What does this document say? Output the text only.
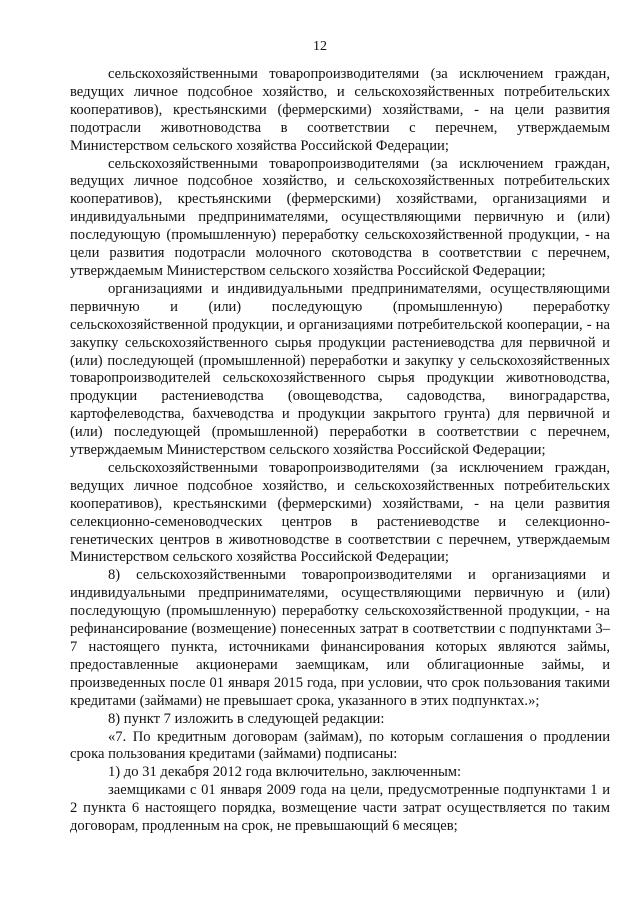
12

сельскохозяйственными товаропроизводителями (за исключением граждан, ведущих личное подсобное хозяйство, и сельскохозяйственных потребительских кооперативов), крестьянскими (фермерскими) хозяйствами, - на цели развития подотрасли животноводства в соответствии с перечнем, утверждаемым Министерством сельского хозяйства Российской Федерации;

сельскохозяйственными товаропроизводителями (за исключением граждан, ведущих личное подсобное хозяйство, и сельскохозяйственных потребительских кооперативов), крестьянскими (фермерскими) хозяйствами, организациями и индивидуальными предпринимателями, осуществляющими первичную и (или) последующую (промышленную) переработку сельскохозяйственной продукции, - на цели развития подотрасли молочного скотоводства в соответствии с перечнем, утверждаемым Министерством сельского хозяйства Российской Федерации;

организациями и индивидуальными предпринимателями, осуществляющими первичную и (или) последующую (промышленную) переработку сельскохозяйственной продукции, и организациями потребительской кооперации, - на закупку сельскохозяйственного сырья продукции растениеводства для первичной и (или) последующей (промышленной) переработки и закупку у сельскохозяйственных товаропроизводителей сельскохозяйственного сырья продукции животноводства, продукции растениеводства (овощеводства, садоводства, виноградарства, картофелеводства, бахчеводства и продукции закрытого грунта) для первичной и (или) последующей (промышленной) переработки в соответствии с перечнем, утверждаемым Министерством сельского хозяйства Российской Федерации;

сельскохозяйственными товаропроизводителями (за исключением граждан, ведущих личное подсобное хозяйство, и сельскохозяйственных потребительских кооперативов), крестьянскими (фермерскими) хозяйствами, - на цели развития селекционно-семеноводческих центров в растениеводстве и селекционно-генетических центров в животноводстве в соответствии с перечнем, утверждаемым Министерством сельского хозяйства Российской Федерации;

8) сельскохозяйственными товаропроизводителями и организациями и индивидуальными предпринимателями, осуществляющими первичную и (или) последующую (промышленную) переработку сельскохозяйственной продукции, - на рефинансирование (возмещение) понесенных затрат в соответствии с подпунктами 3–7 настоящего пункта, источниками финансирования которых являются займы, предоставленные акционерами заемщикам, или облигационные займы, и произведенных после 01 января 2015 года, при условии, что срок пользования такими кредитами (займами) не превышает срока, указанного в этих подпунктах.»;

8) пункт 7 изложить в следующей редакции:

«7. По кредитным договорам (займам), по которым соглашения о продлении срока пользования кредитами (займами) подписаны:

1) до 31 декабря 2012 года включительно, заключенным:

заемщиками с 01 января 2009 года на цели, предусмотренные подпунктами 1 и 2 пункта 6 настоящего порядка, возмещение части затрат осуществляется по таким договорам, продленным на срок, не превышающий 6 месяцев;
